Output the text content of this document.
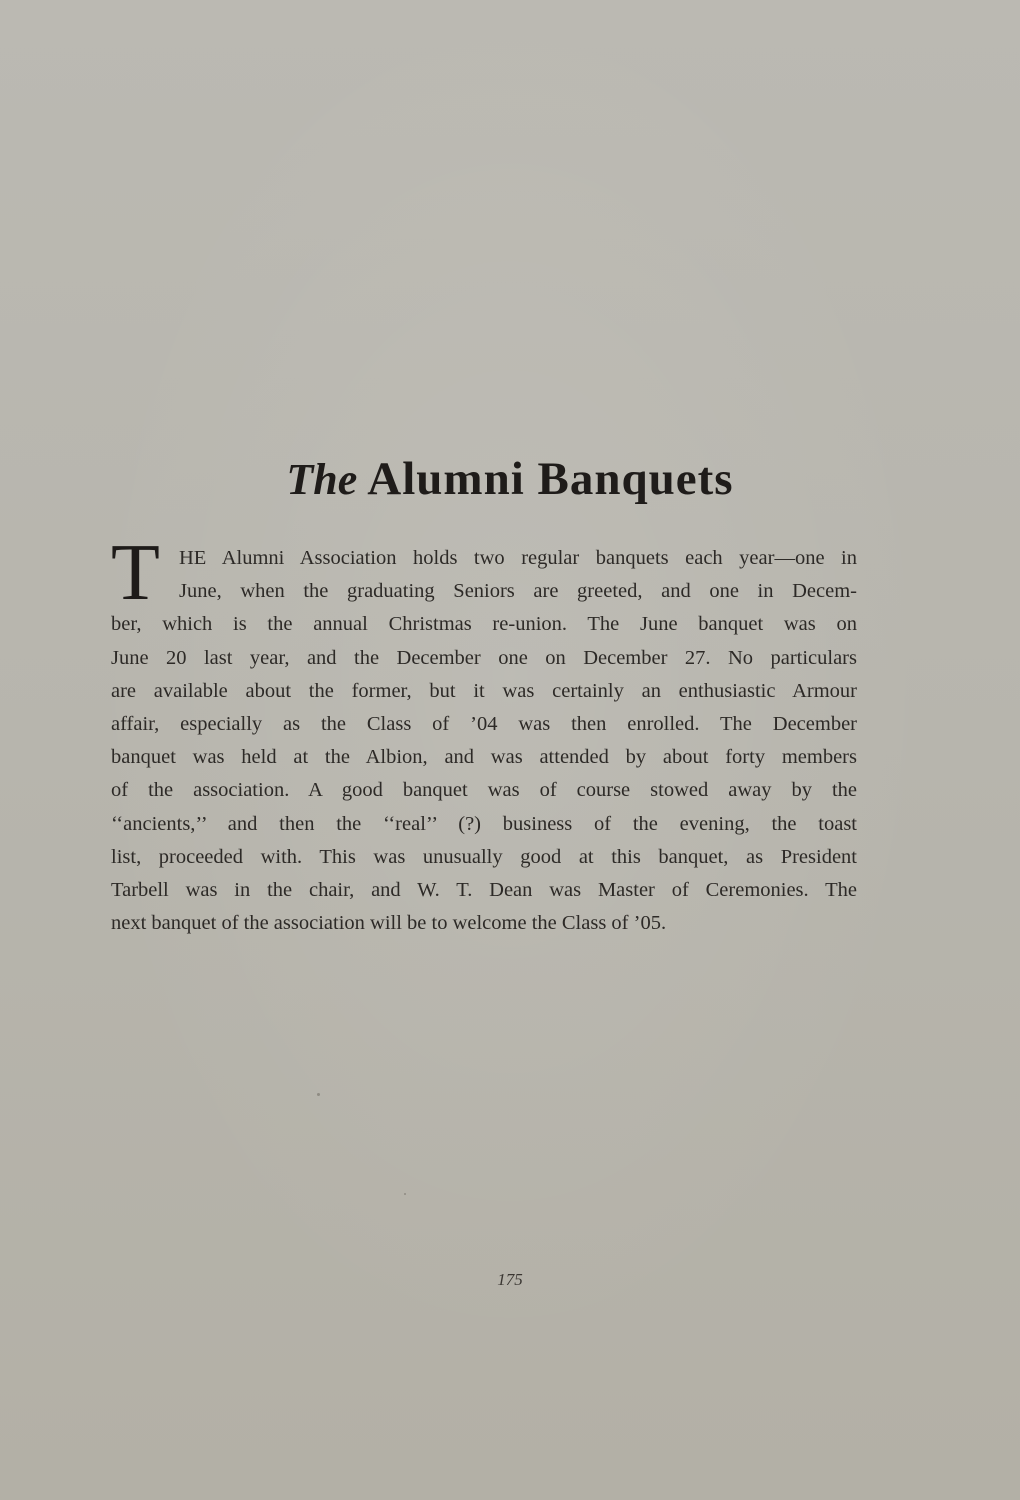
The Alumni Banquets
T HE Alumni Association holds two regular banquets each year—one in
June, when the graduating Seniors are greeted, and one in Decem-
ber, which is the annual Christmas re-union. The June banquet was on
June 20 last year, and the December one on December 27. No particulars
are available about the former, but it was certainly an enthusiastic Armour
affair, especially as the Class of ’04 was then enrolled. The December
banquet was held at the Albion, and was attended by about forty members
of the association. A good banquet was of course stowed away by the
‘‘ancients,’’ and then the ‘‘real’’ (?) business of the evening, the toast
list, proceeded with. This was unusually good at this banquet, as President
Tarbell was in the chair, and W. T. Dean was Master of Ceremonies. The
next banquet of the association will be to welcome the Class of ’05.
175
